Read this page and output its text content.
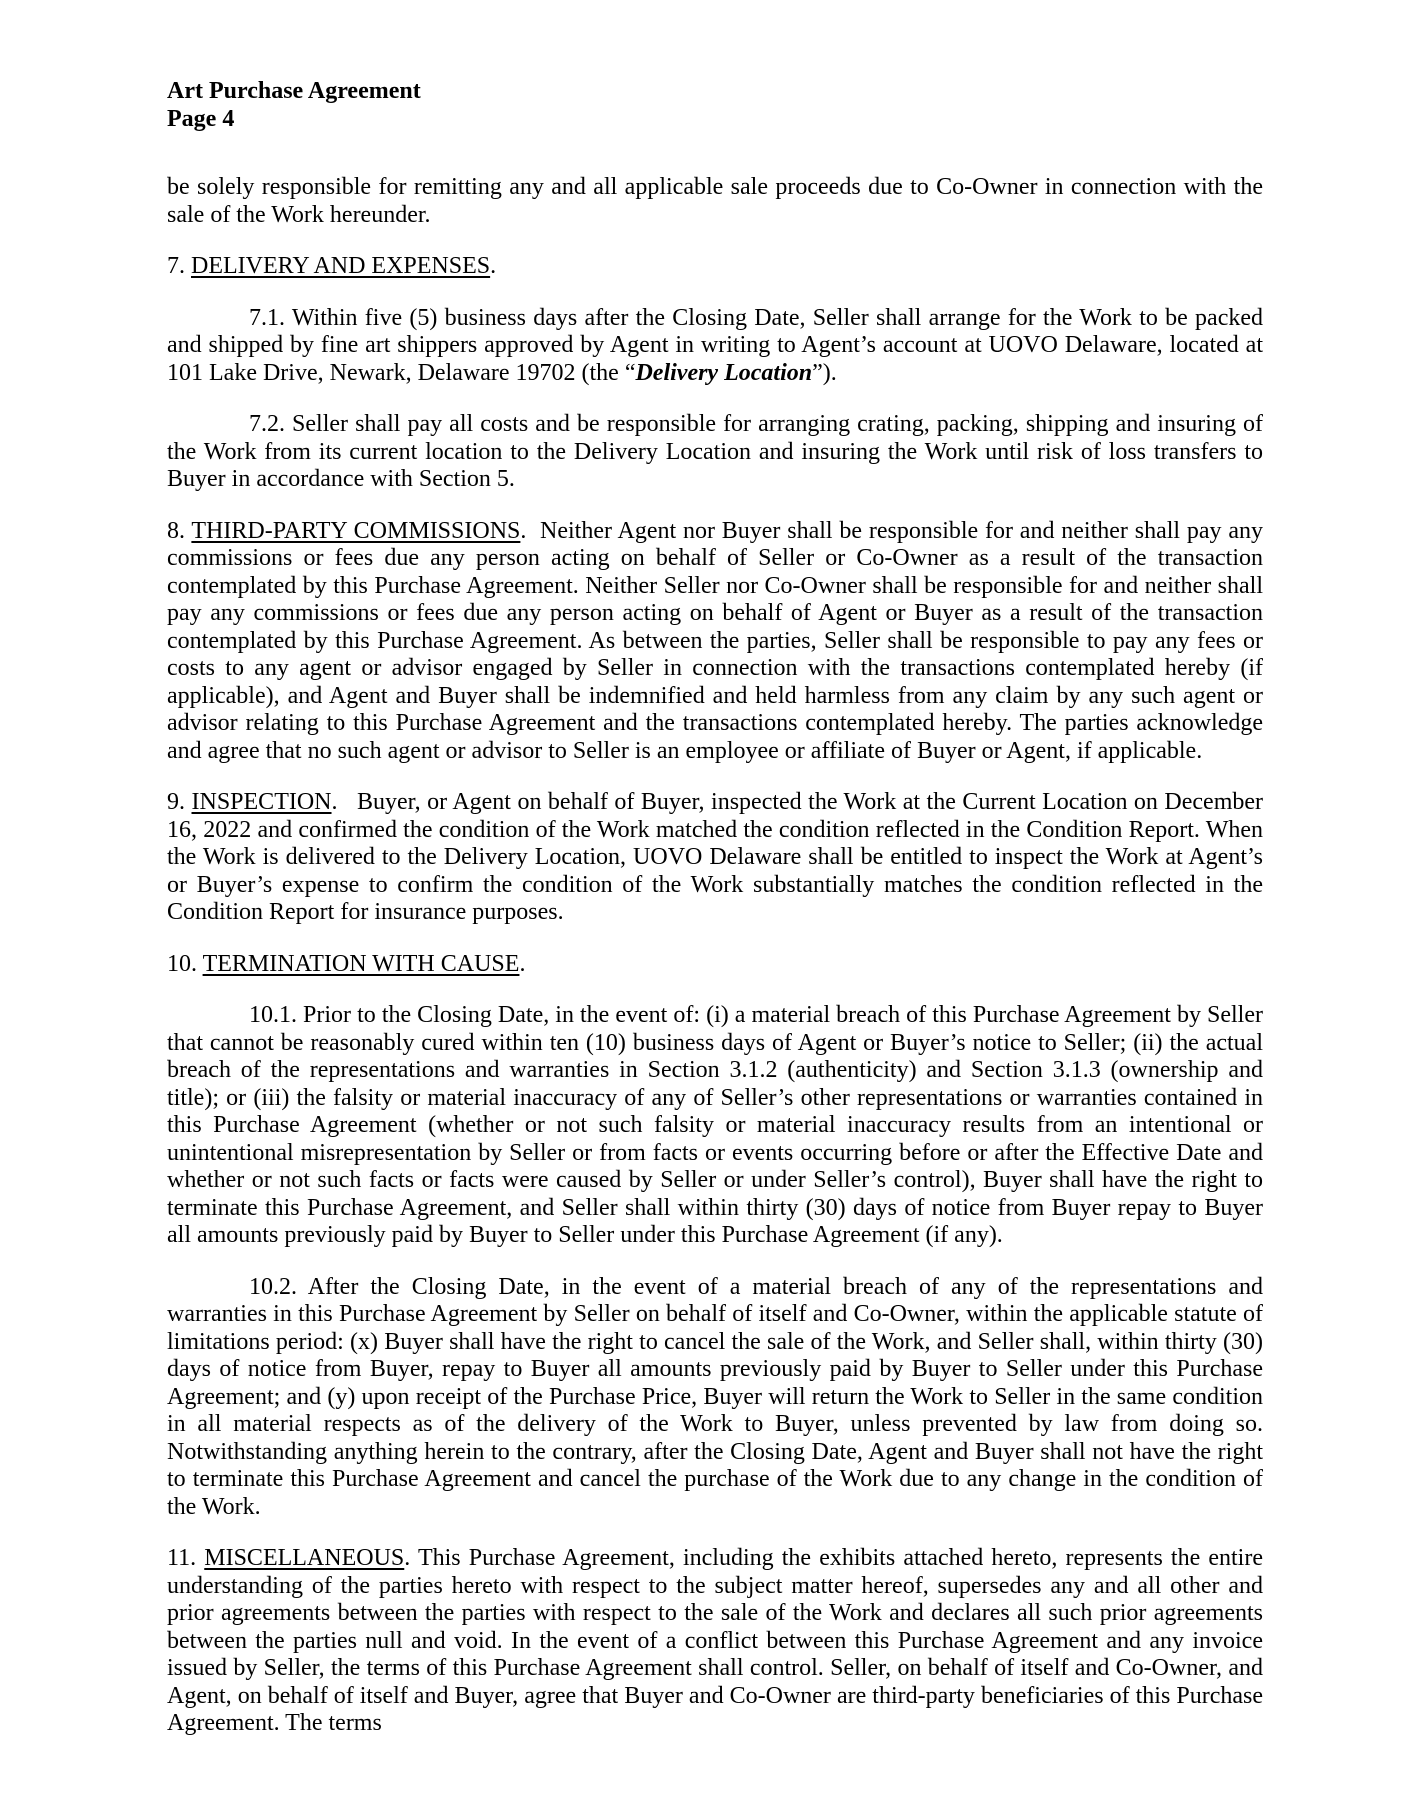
Art Purchase Agreement

Page 4

be solely responsible for remitting any and all applicable sale proceeds due to Co-Owner in connection with the sale of the Work hereunder.

7. DELIVERY AND EXPENSES.

7.1. Within five (5) business days after the Closing Date, Seller shall arrange for the Work to be packed and shipped by fine art shippers approved by Agent in writing to Agent’s account at UOVO Delaware, located at 101 Lake Drive, Newark, Delaware 19702 (the “Delivery Location”).

7.2. Seller shall pay all costs and be responsible for arranging crating, packing, shipping and insuring of the Work from its current location to the Delivery Location and insuring the Work until risk of loss transfers to Buyer in accordance with Section 5.

8. THIRD-PARTY COMMISSIONS.  Neither Agent nor Buyer shall be responsible for and neither shall pay any commissions or fees due any person acting on behalf of Seller or Co-Owner as a result of the transaction contemplated by this Purchase Agreement. Neither Seller nor Co-Owner shall be responsible for and neither shall pay any commissions or fees due any person acting on behalf of Agent or Buyer as a result of the transaction contemplated by this Purchase Agreement. As between the parties, Seller shall be responsible to pay any fees or costs to any agent or advisor engaged by Seller in connection with the transactions contemplated hereby (if applicable), and Agent and Buyer shall be indemnified and held harmless from any claim by any such agent or advisor relating to this Purchase Agreement and the transactions contemplated hereby. The parties acknowledge and agree that no such agent or advisor to Seller is an employee or affiliate of Buyer or Agent, if applicable.

9. INSPECTION.   Buyer, or Agent on behalf of Buyer, inspected the Work at the Current Location on December 16, 2022 and confirmed the condition of the Work matched the condition reflected in the Condition Report. When the Work is delivered to the Delivery Location, UOVO Delaware shall be entitled to inspect the Work at Agent’s or Buyer’s expense to confirm the condition of the Work substantially matches the condition reflected in the Condition Report for insurance purposes.

10. TERMINATION WITH CAUSE.

10.1. Prior to the Closing Date, in the event of: (i) a material breach of this Purchase Agreement by Seller that cannot be reasonably cured within ten (10) business days of Agent or Buyer’s notice to Seller; (ii) the actual breach of the representations and warranties in Section 3.1.2 (authenticity) and Section 3.1.3 (ownership and title); or (iii) the falsity or material inaccuracy of any of Seller’s other representations or warranties contained in this Purchase Agreement (whether or not such falsity or material inaccuracy results from an intentional or unintentional misrepresentation by Seller or from facts or events occurring before or after the Effective Date and whether or not such facts or facts were caused by Seller or under Seller’s control), Buyer shall have the right to terminate this Purchase Agreement, and Seller shall within thirty (30) days of notice from Buyer repay to Buyer all amounts previously paid by Buyer to Seller under this Purchase Agreement (if any).

10.2. After the Closing Date, in the event of a material breach of any of the representations and warranties in this Purchase Agreement by Seller on behalf of itself and Co-Owner, within the applicable statute of limitations period: (x) Buyer shall have the right to cancel the sale of the Work, and Seller shall, within thirty (30) days of notice from Buyer, repay to Buyer all amounts previously paid by Buyer to Seller under this Purchase Agreement; and (y) upon receipt of the Purchase Price, Buyer will return the Work to Seller in the same condition in all material respects as of the delivery of the Work to Buyer, unless prevented by law from doing so. Notwithstanding anything herein to the contrary, after the Closing Date, Agent and Buyer shall not have the right to terminate this Purchase Agreement and cancel the purchase of the Work due to any change in the condition of the Work.

11. MISCELLANEOUS. This Purchase Agreement, including the exhibits attached hereto, represents the entire understanding of the parties hereto with respect to the subject matter hereof, supersedes any and all other and prior agreements between the parties with respect to the sale of the Work and declares all such prior agreements between the parties null and void. In the event of a conflict between this Purchase Agreement and any invoice issued by Seller, the terms of this Purchase Agreement shall control. Seller, on behalf of itself and Co-Owner, and Agent, on behalf of itself and Buyer, agree that Buyer and Co-Owner are third-party beneficiaries of this Purchase Agreement. The terms
